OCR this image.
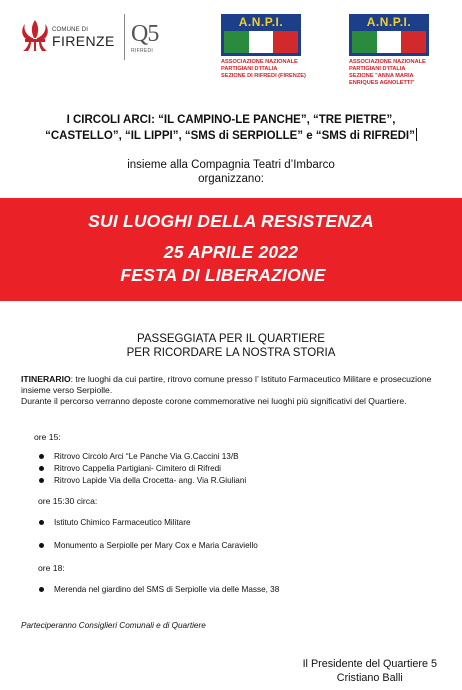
COMUNE DI
FIRENZE Q5
RIFREDI
A.N.P.I.
ASSOCIAZIONE NAZIONALE
PARTIGIANI D'ITALIA
SEZIONE DI RIFREDI (FIRENZE)
A.N.P.I.
ASSOCIAZIONE NAZIONALE
PARTIGIANI D'ITALIA
SEZIONE "ANNA MARIA
ENRIQUES AGNOLETTI"
I CIRCOLI ARCI: “IL CAMPINO-LE PANCHE”, “TRE PIETRE”,
“CASTELLO”, “IL LIPPI”, “SMS di SERPIOLLE” e “SMS di RIFREDI”
insieme alla Compagnia Teatri d’Imbarco
organizzano:
SUI LUOGHI DELLA RESISTENZA
25 APRILE 2022
FESTA DI LIBERAZIONE
PASSEGGIATA PER IL QUARTIERE
PER RICORDARE LA NOSTRA STORIA
ITINERARIO: tre luoghi da cui partire, ritrovo comune presso l’ Istituto Farmaceutico Militare e prosecuzione insieme verso Serpiolle.
Durante il percorso verranno deposte corone commemorative nei luoghi più significativi del Quartiere.
ore 15:
Ritrovo Circolo Arci “Le Panche Via G.Caccini 13/B
Ritrovo Cappella Partigiani- Cimitero di Rifredi
Ritrovo Lapide Via della Crocetta- ang. Via R.Giuliani
ore 15:30 circa:
Istituto Chimico Farmaceutico Militare
Monumento a Serpiolle per Mary Cox e Maria Caraviello
ore 18:
Merenda nel giardino del SMS di Serpiolle via delle Masse, 38
Parteciperanno Consiglieri Comunali e di Quartiere
Il Presidente del Quartiere 5
Cristiano Balli
